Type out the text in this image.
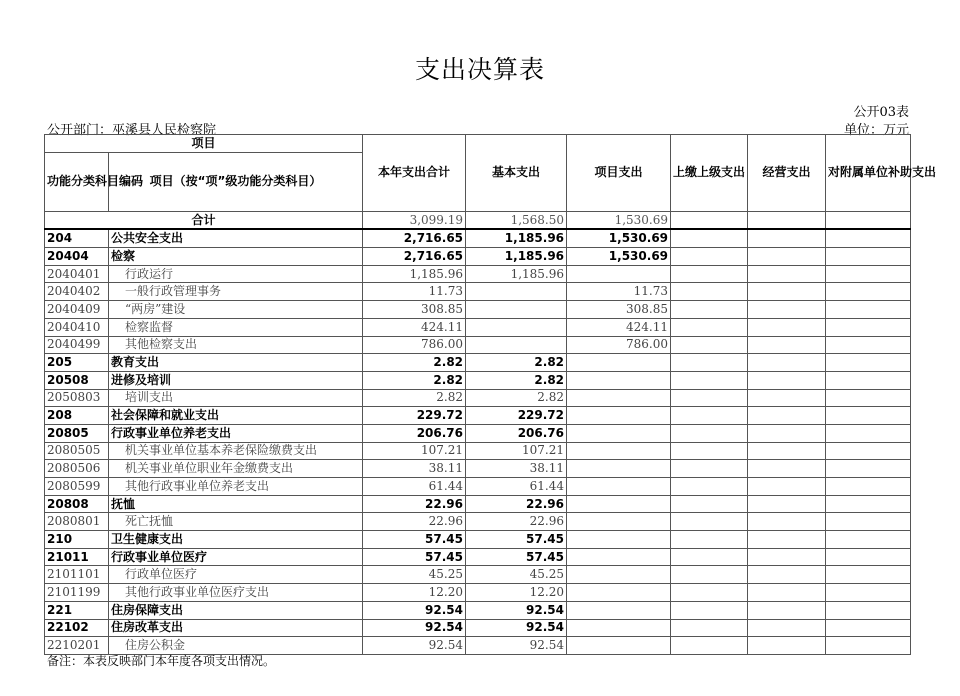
支出决算表
公开03表
公开部门：巫溪县人民检察院	单位：万元
项目		本年支出合计	基本支出	项目支出	上缴上级支出	经营支出	对附属单位补助支出
功能分类科目编码	项目（按“项”级功能分类科目）						
合计		3,099.19	1,568.50	1,530.69			
204	公共安全支出	2,716.65	1,185.96	1,530.69			
20404	检察	2,716.65	1,185.96	1,530.69			
2040401	行政运行	1,185.96	1,185.96				
2040402	一般行政管理事务	11.73		11.73			
2040409	“两房”建设	308.85		308.85			
2040410	检察监督	424.11		424.11			
2040499	其他检察支出	786.00		786.00			
205	教育支出	2.82	2.82				
20508	进修及培训	2.82	2.82				
2050803	培训支出	2.82	2.82				
208	社会保障和就业支出	229.72	229.72				
20805	行政事业单位养老支出	206.76	206.76				
2080505	机关事业单位基本养老保险缴费支出	107.21	107.21				
2080506	机关事业单位职业年金缴费支出	38.11	38.11				
2080599	其他行政事业单位养老支出	61.44	61.44				
20808	抚恤	22.96	22.96				
2080801	死亡抚恤	22.96	22.96				
210	卫生健康支出	57.45	57.45				
21011	行政事业单位医疗	57.45	57.45				
2101101	行政单位医疗	45.25	45.25				
2101199	其他行政事业单位医疗支出	12.20	12.20				
221	住房保障支出	92.54	92.54				
22102	住房改革支出	92.54	92.54				
2210201	住房公积金	92.54	92.54				
备注：本表反映部门本年度各项支出情况。
